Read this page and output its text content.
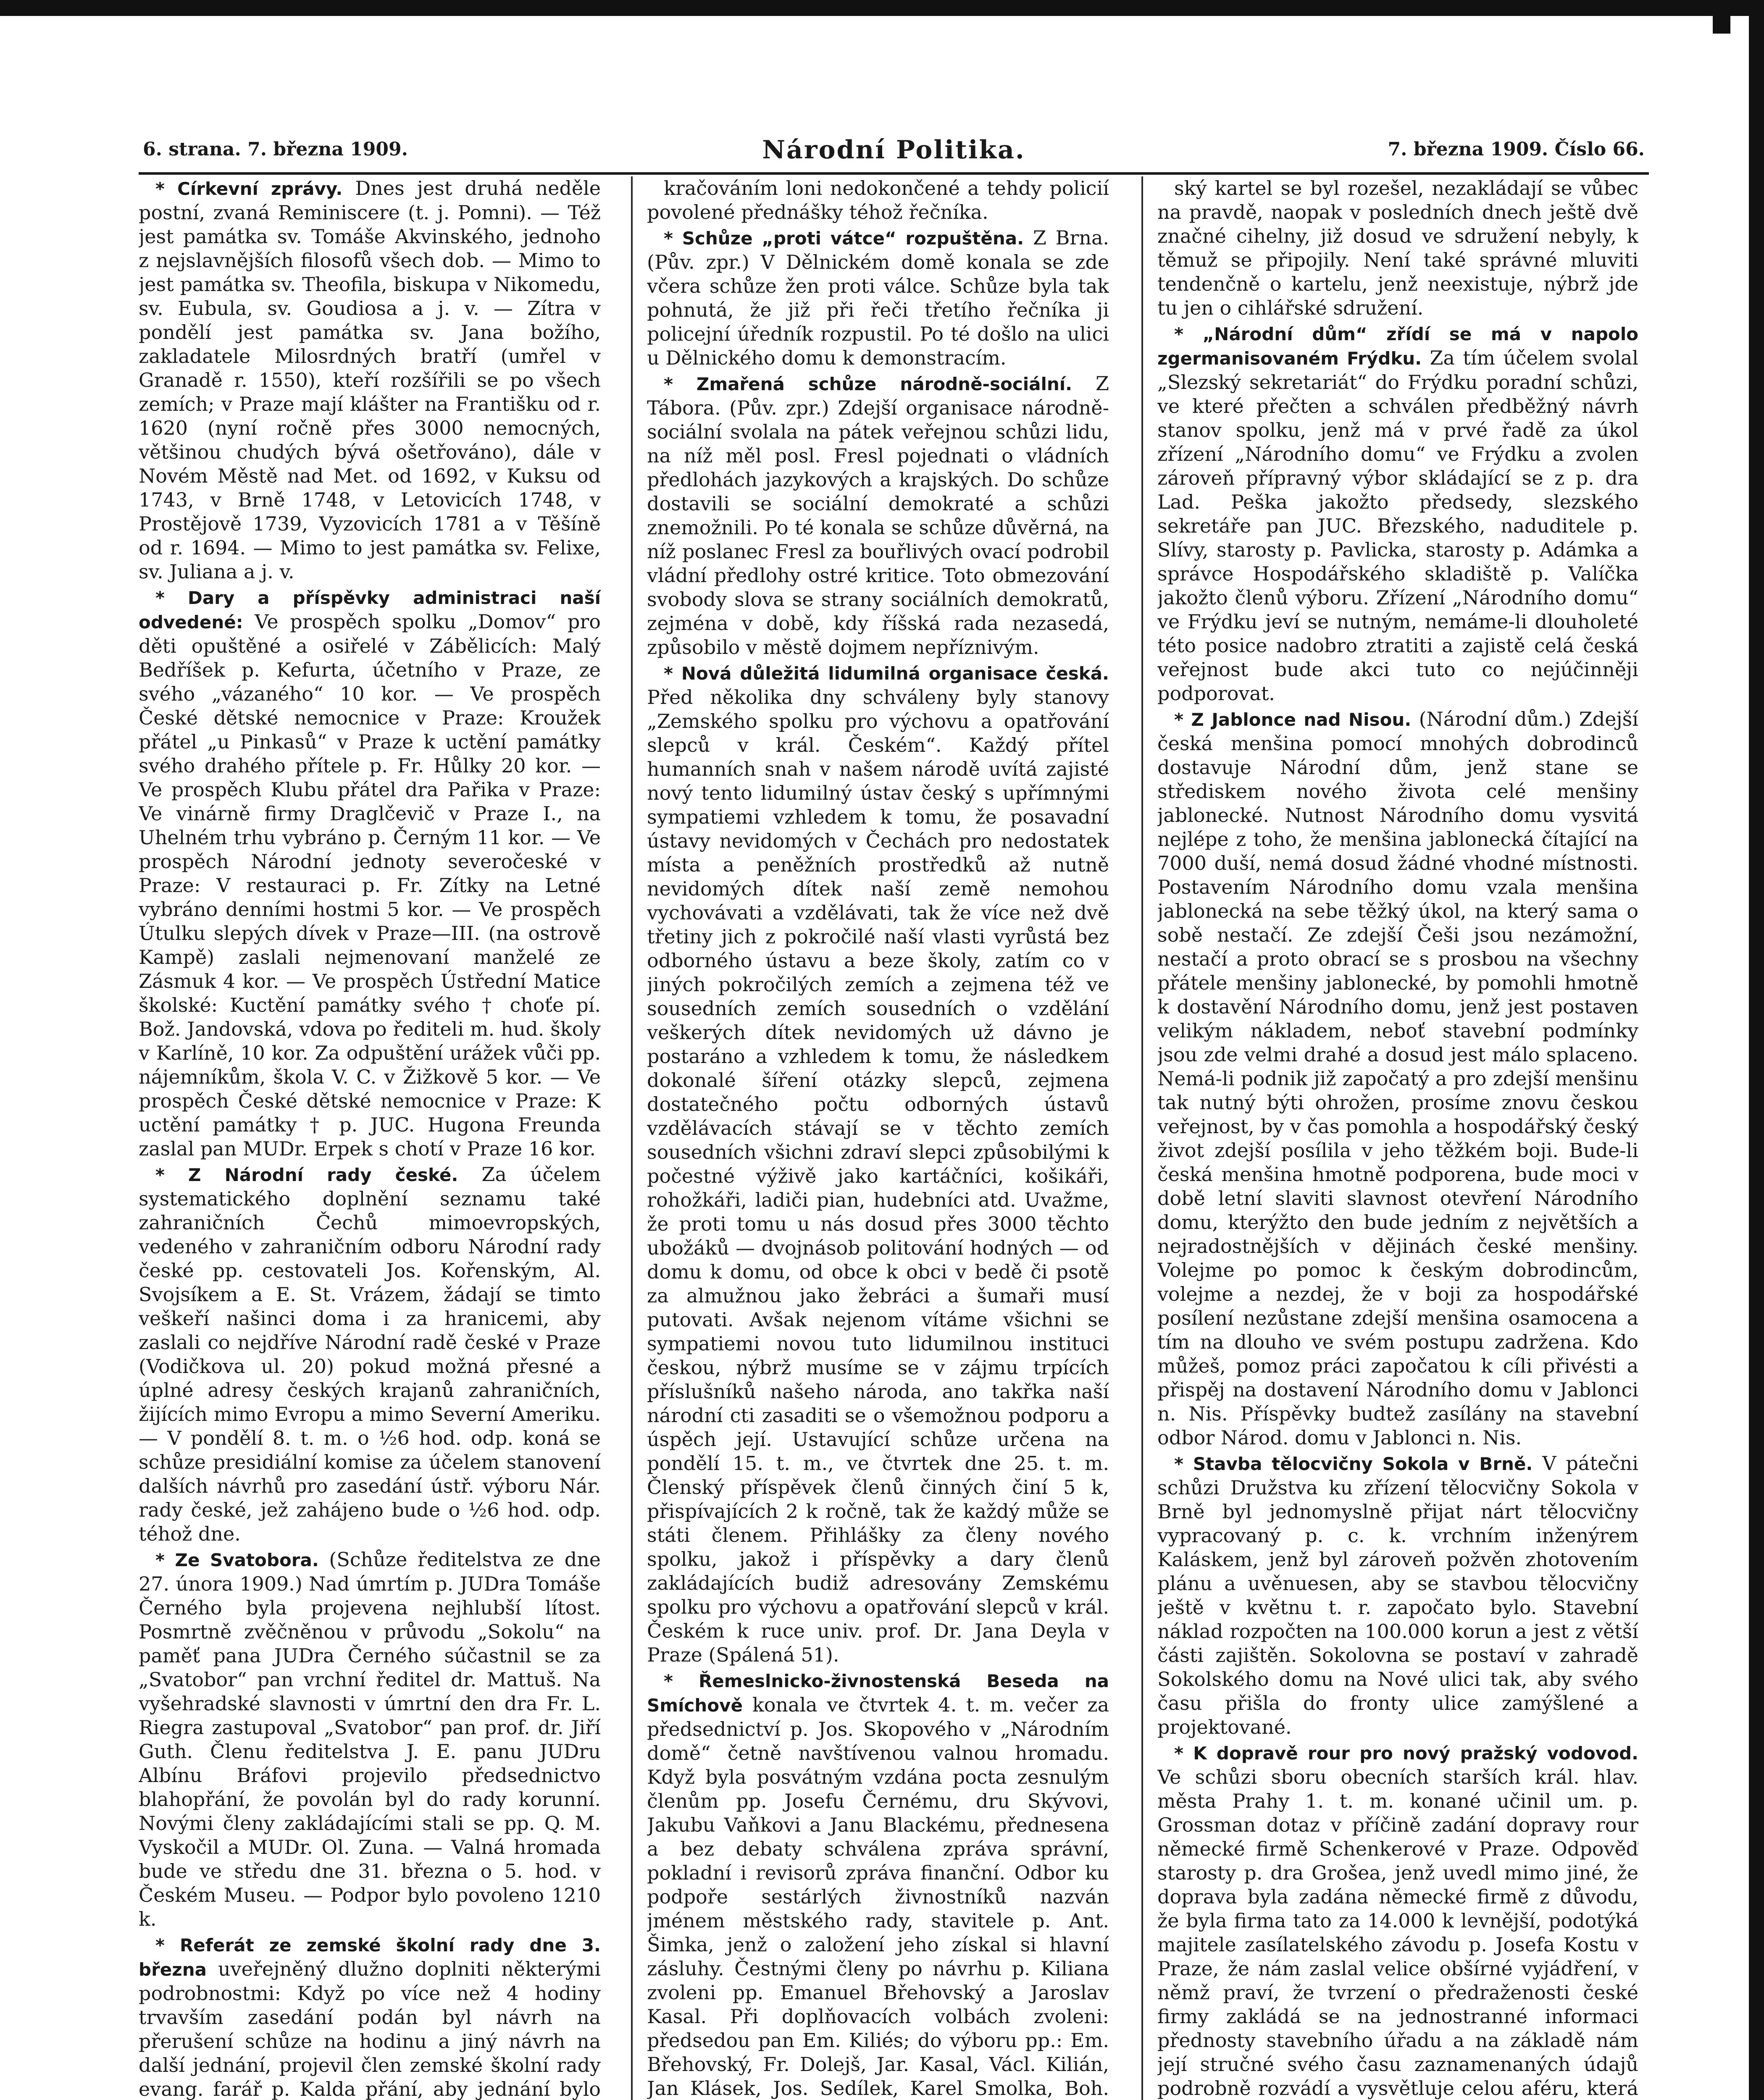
6. strana. 7. března 1909.	Národní Politika.	7. března 1909. Číslo 66.

* Církevní zprávy. Dnes jest druhá neděle postní, zvaná Reminiscere (t. j. Pomni). — Též jest památka sv. Tomáše Akvinského, jednoho z nejslavnějších filosofů všech dob. — Mimo to jest památka sv. Theofila, biskupa v Nikomedu, sv. Eubula, sv. Goudiosa a j. v. — Zítra v pondělí jest památka sv. Jana božího, zakladatele Milosrdných bratří (umřel v Granadě r. 1550), kteří rozšířili se po všech zemích; v Praze mají klášter na Františku od r. 1620 (nyní ročně přes 3000 nemocných, většinou chudých bývá ošetřováno), dále v Novém Městě nad Met. od 1692, v Kuksu od 1743, v Brně 1748, v Letovicích 1748, v Prostějově 1739, Vyzovicích 1781 a v Těšíně od r. 1694. — Mimo to jest památka sv. Felixe, sv. Juliana a j. v.

* Dary a příspěvky administraci naší odvedené: Ve prospěch spolku „Domov“ pro děti opuštěné a osiřelé v Zábělicích: Malý Bedříšek p. Kefurta, účetního v Praze, ze svého „vázaného“ 10 kor. — Ve prospěch České dětské nemocnice v Praze: Kroužek přátel „u Pinkasů“ v Praze k uctění památky svého drahého přítele p. Fr. Hůlky 20 kor. — Ve prospěch Klubu přátel dra Pařika v Praze: Ve vinárně firmy Draglčevič v Praze I., na Uhelném trhu vybráno p. Černým 11 kor. — Ve prospěch Národní jednoty severočeské v Praze: V restauraci p. Fr. Zítky na Letné vybráno denními hostmi 5 kor. — Ve prospěch Útulku slepých dívek v Praze—III. (na ostrově Kampě) zaslali nejmenovaní manželé ze Zásmuk 4 kor. — Ve prospěch Ústřední Matice školské: Kuctění památky svého † choťe pí. Bož. Jandovská, vdova po řediteli m. hud. školy v Karlíně, 10 kor. Za odpuštění urážek vůči pp. nájemníkům, škola V. C. v Žižkově 5 kor. — Ve prospěch České dětské nemocnice v Praze: K uctění památky † p. JUC. Hugona Freunda zaslal pan MUDr. Erpek s chotí v Praze 16 kor.

* Z Národní rady české. Za účelem systematického doplnění seznamu také zahraničních Čechů mimoevropských, vedeného v zahraničním odboru Národní rady české pp. cestovateli Jos. Kořenským, Al. Svojsíkem a E. St. Vrázem, žádají se timto veškeří našinci doma i za hranicemi, aby zaslali co nejdříve Národní radě české v Praze (Vodičkova ul. 20) pokud možná přesné a úplné adresy českých krajanů zahraničních, žijících mimo Evropu a mimo Severní Ameriku. — V pondělí 8. t. m. o ½6 hod. odp. koná se schůze presidiální komise za účelem stanovení dalších návrhů pro zasedání ústř. výboru Nár. rady české, jež zahájeno bude o ½6 hod. odp. téhož dne.

* Ze Svatobora. (Schůze ředitelstva ze dne 27. února 1909.) Nad úmrtím p. JUDra Tomáše Černého byla projevena nejhlubší lítost. Posmrtně zvěčněnou v průvodu „Sokolu“ na paměť pana JUDra Černého súčastnil se za „Svatobor“ pan vrchní ředitel dr. Mattuš. Na vyšehradské slavnosti v úmrtní den dra Fr. L. Riegra zastupoval „Svatobor“ pan prof. dr. Jiří Guth. Členu ředitelstva J. E. panu JUDru Albínu Bráfovi projevilo předsednictvo blahopřání, že povolán byl do rady korunní. Novými členy zakládajícími stali se pp. Q. M. Vyskočil a MUDr. Ol. Zuna. — Valná hromada bude ve středu dne 31. března o 5. hod. v Českém Museu. — Podpor bylo povoleno 1210 k.

* Referát ze zemské školní rady dne 3. března uveřejněný dlužno doplniti některými podrobnostmi: Když po více než 4 hodiny trvavším zasedání podán byl návrh na přerušení schůze na hodinu a jiný návrh na další jednání, projevil člen zemské školní rady evang. farář p. Kalda přání, aby jednání bylo

kračováním loni nedokončené a tehdy policií povolené přednášky téhož řečníka.

* Schůze „proti vátce“ rozpuštěna. Z Brna. (Pův. zpr.) V Dělnickém domě konala se zde včera schůze žen proti válce. Schůze byla tak pohnutá, že již při řeči třetího řečníka ji policejní úředník rozpustil. Po té došlo na ulici u Dělnického domu k demonstracím.

* Zmařená schůze národně-sociální. Z Tábora. (Pův. zpr.) Zdejší organisace národně-sociální svolala na pátek veřejnou schůzi lidu, na níž měl posl. Fresl pojednati o vládních předlohách jazykových a krajských. Do schůze dostavili se sociální demokraté a schůzi znemožnili. Po té konala se schůze důvěrná, na níž poslanec Fresl za bouřlivých ovací podrobil vládní předlohy ostré kritice. Toto obmezování svobody slova se strany sociálních demokratů, zejména v době, kdy říšská rada nezasedá, způsobilo v městě dojmem nepříznivým.

* Nová důležitá lidumilná organisace česká. Před několika dny schváleny byly stanovy „Zemského spolku pro výchovu a opatřování slepců v král. Českém“. Každý přítel humanních snah v našem národě uvítá zajisté nový tento lidumilný ústav český s upřímnými sympatiemi vzhledem k tomu, že posavadní ústavy nevidomých v Čechách pro nedostatek místa a peněžních prostředků až nutně nevidomých dítek naší země nemohou vychovávati a vzdělávati, tak že více než dvě třetiny jich z pokročilé naší vlasti vyrůstá bez odborného ústavu a beze školy, zatím co v jiných pokročilých zemích a zejmena též ve sousedních zemích sousedních o vzdělání veškerých dítek nevidomých už dávno je postaráno a vzhledem k tomu, že následkem dokonalé šíření otázky slepců, zejmena dostatečného počtu odborných ústavů vzdělávacích stávají se v těchto zemích sousedních všichni zdraví slepci způsobilými k počestné výživě jako kartáčníci, košikáři, rohožkáři, ladiči pian, hudebníci atd. Uvažme, že proti tomu u nás dosud přes 3000 těchto ubožáků — dvojnásob politování hodných — od domu k domu, od obce k obci v bedě či psotě za almužnou jako žebráci a šumaři musí putovati. Avšak nejenom vítáme všichni se sympatiemi novou tuto lidumilnou instituci českou, nýbrž musíme se v zájmu trpících příslušníků našeho národa, ano takřka naší národní cti zasaditi se o všemožnou podporu a úspěch její. Ustavující schůze určena na pondělí 15. t. m., ve čtvrtek dne 25. t. m. Členský příspěvek členů činných činí 5 k, přispívajících 2 k ročně, tak že každý může se státi členem. Přihlášky za členy nového spolku, jakož i příspěvky a dary členů zakládajících budiž adresovány Zemskému spolku pro výchovu a opatřování slepců v král. Českém k ruce univ. prof. Dr. Jana Deyla v Praze (Spálená 51).

* Řemeslnicko-živnostenská Beseda na Smíchově konala ve čtvrtek 4. t. m. večer za předsednictví p. Jos. Skopového v „Národním domě“ četně navštívenou valnou hromadu. Když byla posvátným vzdána pocta zesnulým členům pp. Josefu Černému, dru Skývovi, Jakubu Vaňkovi a Janu Blackému, přednesena a bez debaty schválena zpráva správní, pokladní i revisorů zpráva finanční. Odbor ku podpoře sestárlých živnostníků nazván jménem městského rady, stavitele p. Ant. Šimka, jenž o založení jeho získal si hlavní zásluhy. Čestnými členy po návrhu p. Kiliana zvoleni pp. Emanuel Břehovský a Jaroslav Kasal. Při doplňovacích volbách zvoleni: předsedou pan Em. Kiliés; do výboru pp.: Em. Břehovský, Fr. Dolejš, Jar. Kasal, Václ. Kilián, Jan Klásek, Jos. Sedílek, Karel Smolka, Boh.

ský kartel se byl rozešel, nezakládají se vůbec na pravdě, naopak v posledních dnech ještě dvě značné cihelny, již dosud ve sdružení nebyly, k těmuž se připojily. Není také správné mluviti tendenčně o kartelu, jenž neexistuje, nýbrž jde tu jen o cihlářské sdružení.

* „Národní dům“ zřídí se má v napolo zgermanisovaném Frýdku. Za tím účelem svolal „Slezský sekretariát“ do Frýdku poradní schůzi, ve které přečten a schválen předběžný návrh stanov spolku, jenž má v prvé řadě za úkol zřízení „Národního domu“ ve Frýdku a zvolen zároveň přípravný výbor skládající se z p. dra Lad. Peška jakožto předsedy, slezského sekretáře pan JUC. Březského, naduditele p. Slívy, starosty p. Pavlicka, starosty p. Adámka a správce Hospodářského skladiště p. Valíčka jakožto členů výboru. Zřízení „Národního domu“ ve Frýdku jeví se nutným, nemáme-li dlouholeté této posice nadobro ztratiti a zajistě celá česká veřejnost bude akci tuto co nejúčinněji podporovat.

* Z Jablonce nad Nisou. (Národní dům.) Zdejší česká menšina pomocí mnohých dobrodinců dostavuje Národní dům, jenž stane se střediskem nového života celé menšiny jablonecké. Nutnost Národního domu vysvitá nejlépe z toho, že menšina jablonecká čítající na 7000 duší, nemá dosud žádné vhodné místnosti. Postavením Národního domu vzala menšina jablonecká na sebe těžký úkol, na který sama o sobě nestačí. Ze zdejší Češi jsou nezámožní, nestačí a proto obrací se s prosbou na všechny přátele menšiny jablonecké, by pomohli hmotně k dostavění Národního domu, jenž jest postaven velikým nákladem, neboť stavební podmínky jsou zde velmi drahé a dosud jest málo splaceno. Nemá-li podnik již započatý a pro zdejší menšinu tak nutný býti ohrožen, prosíme znovu českou veřejnost, by v čas pomohla a hospodářský český život zdejší posílila v jeho těžkém boji. Bude-li česká menšina hmotně podporena, bude moci v době letní slaviti slavnost otevření Národního domu, kterýžto den bude jedním z největších a nejradostnějších v dějinách české menšiny. Volejme po pomoc k českým dobrodincům, volejme a nezdej, že v boji za hospodářské posílení nezůstane zdejší menšina osamocena a tím na dlouho ve svém postupu zadržena. Kdo můžeš, pomoz práci započatou k cíli přivésti a přispěj na dostavení Národního domu v Jablonci n. Nis. Příspěvky budtež zasílány na stavební odbor Národ. domu v Jablonci n. Nis.

* Stavba tělocvičny Sokola v Brně. V pátečni schůzi Družstva ku zřízení tělocvičny Sokola v Brně byl jednomyslně přijat nárt tělocvičny vypracovaný p. c. k. vrchním inženýrem Kaláskem, jenž byl zároveň požvěn zhotovením plánu a uvěnuesen, aby se stavbou tělocvičny ještě v květnu t. r. započato bylo. Stavební náklad rozpočten na 100.000 korun a jest z větší části zajištěn. Sokolovna se postaví v zahradě Sokolského domu na Nové ulici tak, aby svého času přišla do fronty ulice zamýšlené a projektované.

* K dopravě rour pro nový pražský vodovod. Ve schůzi sboru obecních starších král. hlav. města Prahy 1. t. m. konané učinil um. p. Grossman dotaz v příčině zadání dopravy rour německé firmě Schenkerové v Praze. Odpověď starosty p. dra Grošea, jenž uvedl mimo jiné, že doprava byla zadána německé firmě z důvodu, že byla firma tato za 14.000 k levnější, podotýká majitele zasílatelského závodu p. Josefa Kostu v Praze, že nám zaslal velice obšírné vyjádření, v němž praví, že tvrzení o předraženosti české firmy zakládá se na jednostranné informaci přednosty stavebního úřadu a na základě nám její stručné svého času zaznamenaných údajů podrobně rozvádí a vysvětluje celou aféru, která
